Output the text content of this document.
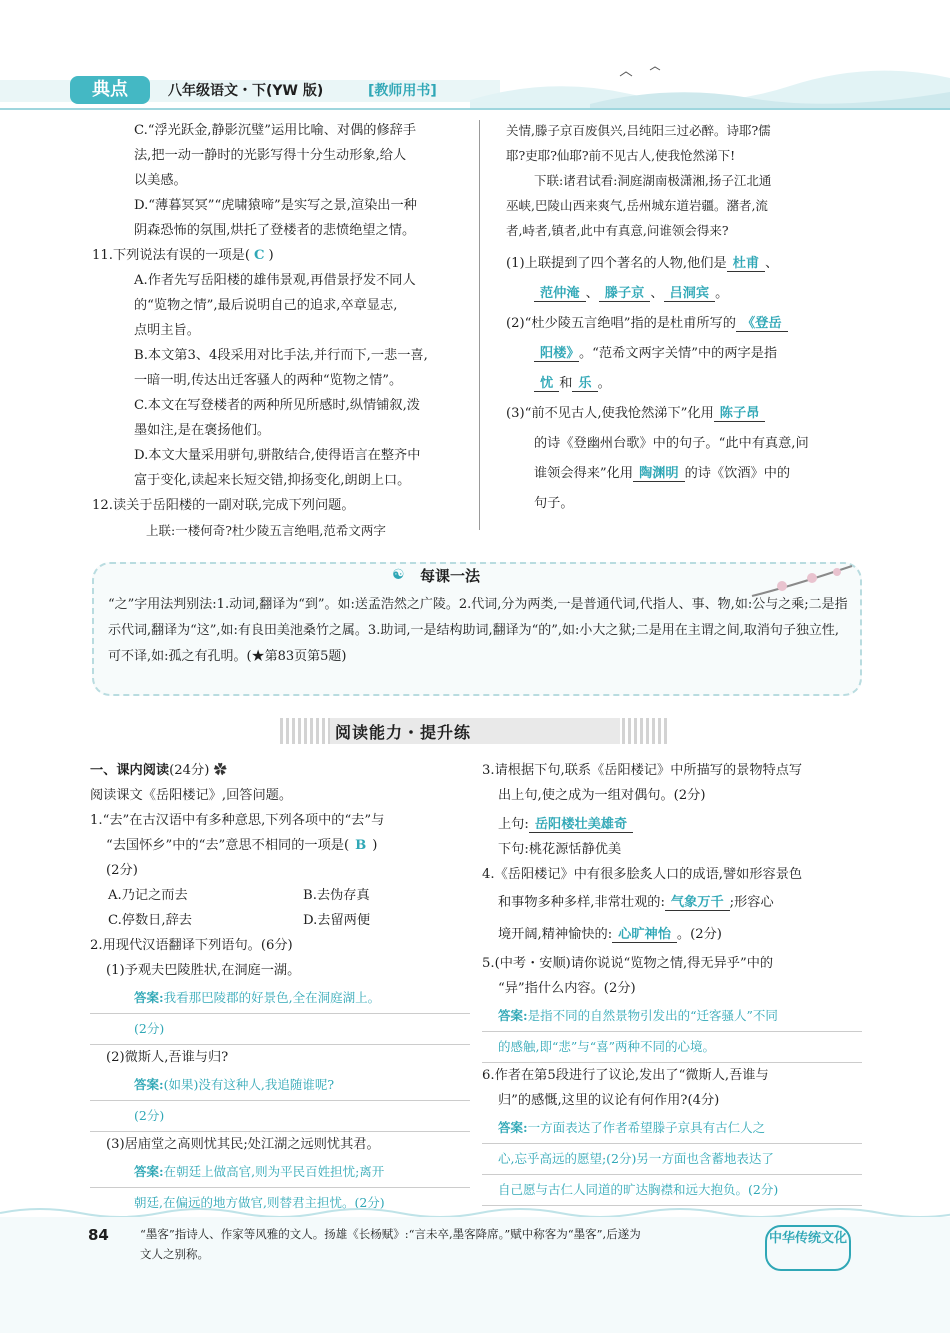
典点	八年级语文・下(YW 版)	[教师用书]

C.“浮光跃金,静影沉璧”运用比喻、对偶的修辞手

法,把一动一静时的光影写得十分生动形象,给人

以美感。

D.“薄暮冥冥”“虎啸猿啼”是实写之景,渲染出一种

阴森恐怖的氛围,烘托了登楼者的悲愤绝望之情。

11.下列说法有误的一项是( C )

A.作者先写岳阳楼的雄伟景观,再借景抒发不同人

的“览物之情”,最后说明自己的追求,卒章显志,

点明主旨。

B.本文第3、4段采用对比手法,并行而下,一悲一喜,

一暗一明,传达出迁客骚人的两种“览物之情”。

C.本文在写登楼者的两种所见所感时,纵情铺叙,泼

墨如注,是在褒扬他们。

D.本文大量采用骈句,骈散结合,使得语言在整齐中

富于变化,读起来长短交错,抑扬变化,朗朗上口。

12.读关于岳阳楼的一副对联,完成下列问题。

上联:一楼何奇?杜少陵五言绝唱,范希文两字

关情,滕子京百废俱兴,吕纯阳三过必醉。诗耶?儒

耶?吏耶?仙耶?前不见古人,使我怆然涕下!

下联:诸君试看:洞庭湖南极潇湘,扬子江北通

巫峡,巴陵山西来爽气,岳州城东道岩疆。潴者,流

者,峙者,镇者,此中有真意,问谁领会得来?

(1)上联提到了四个著名的人物,他们是 杜甫 、

范仲淹 、 滕子京 、 吕洞宾 。

(2)“杜少陵五言绝唱”指的是杜甫所写的 《登岳

阳楼》 。“范希文两字关情”中的两字是指

忧 和 乐 。

(3)“前不见古人,使我怆然涕下”化用 陈子昂

的诗《登幽州台歌》中的句子。“此中有真意,问

谁领会得来”化用 陶渊明 的诗《饮酒》中的

句子。

☯ 每课一法
“之”字用法判别法:1.动词,翻译为“到”。如:送孟浩然之广陵。2.代词,分为两类,一是普通代词,代指人、事、物,如:公与之乘;二是指示代词,翻译为“这”,如:有良田美池桑竹之属。3.助词,一是结构助词,翻译为“的”,如:小大之狱;二是用在主谓之间,取消句子独立性,可不译,如:孤之有孔明。(★第83页第5题)
阅读能力・提升练

一、课内阅读(24分) ✿

阅读课文《岳阳楼记》,回答问题。

1.“去”在古汉语中有多种意思,下列各项中的“去”与

“去国怀乡”中的“去”意思不相同的一项是( B )

(2分)

A.乃记之而去	B.去伪存真

C.停数日,辞去	D.去留两便

2.用现代汉语翻译下列语句。(6分)

(1)予观夫巴陵胜状,在洞庭一湖。

答案:我看那巴陵郡的好景色,全在洞庭湖上。

(2分)

(2)微斯人,吾谁与归?

答案:(如果)没有这种人,我追随谁呢?

(2分)

(3)居庙堂之高则忧其民;处江湖之远则忧其君。

答案:在朝廷上做高官,则为平民百姓担忧;离开

朝廷,在偏远的地方做官,则替君主担忧。(2分)

3.请根据下句,联系《岳阳楼记》中所描写的景物特点写

出上句,使之成为一组对偶句。(2分)

上句: 岳阳楼壮美雄奇

下句:桃花源恬静优美

4.《岳阳楼记》中有很多脍炙人口的成语,譬如形容景色

和事物多种多样,非常壮观的: 气象万千 ;形容心

境开阔,精神愉快的: 心旷神怡 。(2分)

5.(中考・安顺)请你说说“览物之情,得无异乎”中的

“异”指什么内容。(2分)

答案:是指不同的自然景物引发出的“迁客骚人”不同

的感触,即“悲”与“喜”两种不同的心境。

6.作者在第5段进行了议论,发出了“微斯人,吾谁与

归”的感慨,这里的议论有何作用?(4分)

答案:一方面表达了作者希望滕子京具有古仁人之

心,忘乎高远的愿望;(2分)另一方面也含蓄地表达了

自己愿与古仁人同道的旷达胸襟和远大抱负。(2分)

84	“墨客”指诗人、作家等风雅的文人。扬雄《长杨赋》:“言未卒,墨客降席。”赋中称客为“墨客”,后遂为
文人之别称。
中华传统文化
